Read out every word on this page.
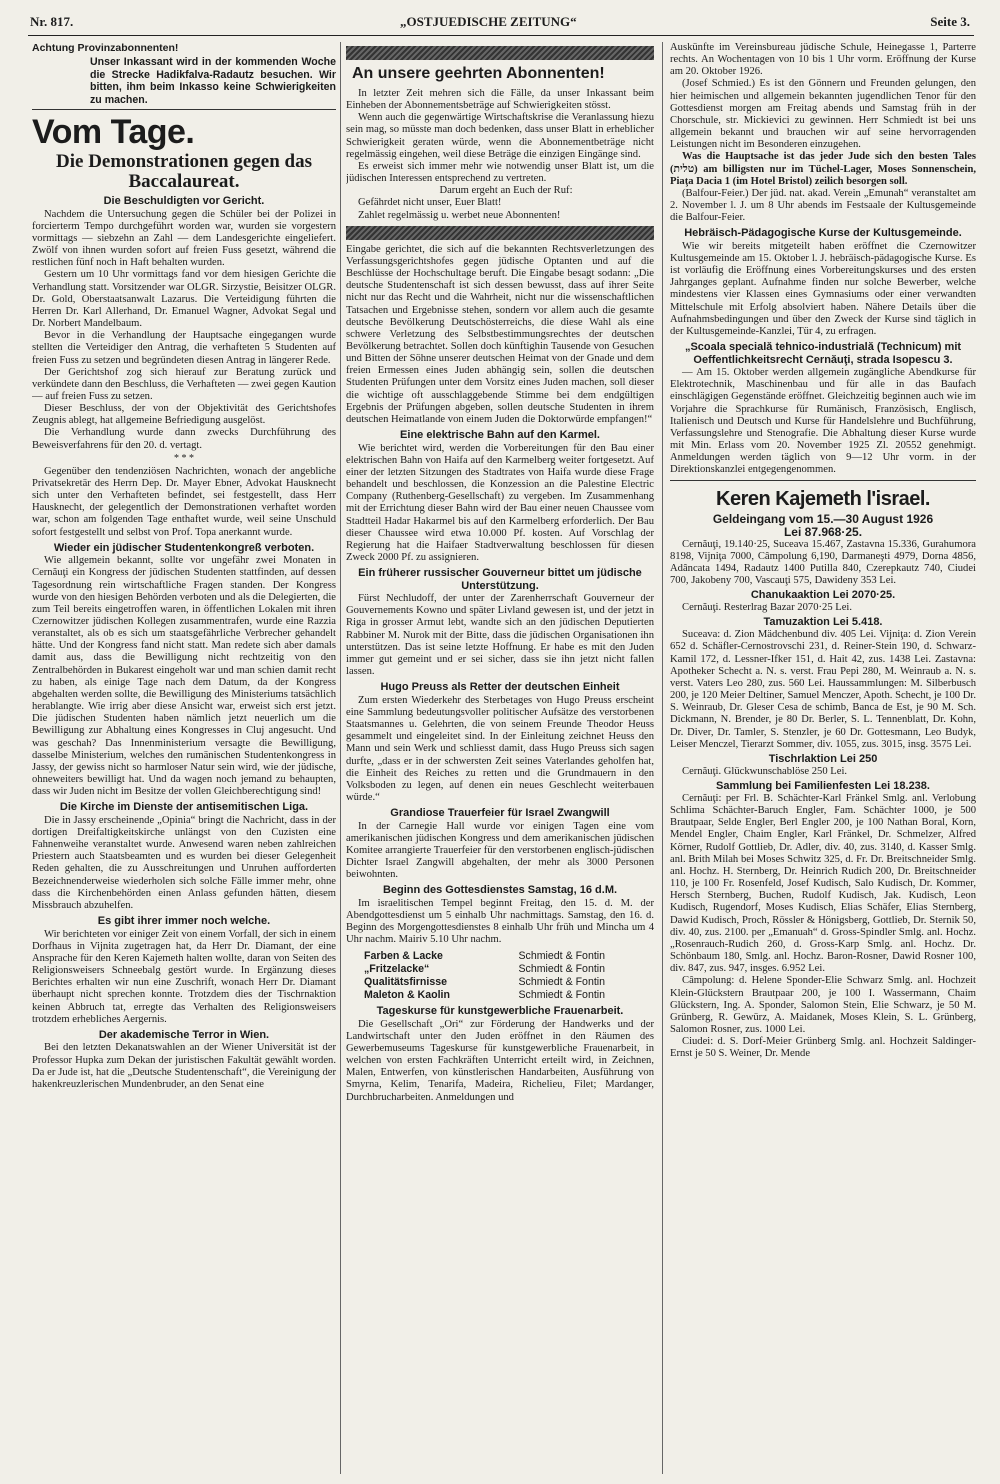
Nr. 817.	„OSTJUEDISCHE ZEITUNG“	Seite 3.
Achtung Provinzabonnenten!
Unser Inkassant wird in der kommenden Woche die Strecke Hadikfalva-Radautz besuchen. Wir bitten, ihm beim Inkasso keine Schwierigkeiten zu machen.
Vom Tage.
Die Demonstrationen gegen das Baccalaureat.
Die Beschuldigten vor Gericht.

Nachdem die Untersuchung gegen die Schüler bei der Polizei in forcierterm Tempo durchgeführt worden war, wurden sie vorgestern vormittags — siebzehn an Zahl — dem Landesgerichte eingeliefert. Zwölf von ihnen wurden sofort auf freien Fuss gesetzt, während die restlichen fünf noch in Haft behalten wurden.

Gestern um 10 Uhr vormittags fand vor dem hiesigen Gerichte die Verhandlung statt. Vorsitzender war OLGR. Sirzystie, Beisitzer OLGR. Dr. Gold, Oberstaatsanwalt Lazarus. Die Verteidigung führten die Herren Dr. Karl Allerhand, Dr. Emanuel Wagner, Advokat Segal und Dr. Norbert Mandelbaum.

Bevor in die Verhandlung der Hauptsache eingegangen wurde stellten die Verteidiger den Antrag, die verhafteten 5 Studenten auf freien Fuss zu setzen und begründeten diesen Antrag in längerer Rede.

Der Gerichtshof zog sich hierauf zur Beratung zurück und verkündete dann den Beschluss, die Verhafteten — zwei gegen Kaution — auf freien Fuss zu setzen.

Dieser Beschluss, der von der Objektivität des Gerichtshofes Zeugnis ablegt, hat allgemeine Befriedigung ausgelöst.

Die Verhandlung wurde dann zwecks Durchführung des Beweisverfahrens für den 20. d. vertagt.

* * *

Gegenüber den tendenziösen Nachrichten, wonach der angebliche Privatsekretär des Herrn Dep. Dr. Mayer Ebner, Advokat Hausknecht sich unter den Verhafteten befindet, sei festgestellt, dass Herr Hausknecht, der gelegentlich der Demonstrationen verhaftet worden war, schon am folgenden Tage enthaftet wurde, weil seine Unschuld sofort festgestellt und selbst von Prof. Topa anerkannt wurde.

Wieder ein jüdischer Studentenkongreß verboten.

Wie allgemein bekannt, sollte vor ungefähr zwei Monaten in Cernăuţi ein Kongress der jüdischen Studenten stattfinden, auf dessen Tagesordnung rein wirtschaftliche Fragen standen. Der Kongress wurde von den hiesigen Behörden verboten und als die Delegierten, die zum Teil bereits eingetroffen waren, in öffentlichen Lokalen mit ihren Czernowitzer jüdischen Kollegen zusammentrafen, wurde eine Razzia veranstaltet, als ob es sich um staatsgefährliche Verbrecher gehandelt hätte. Und der Kongress fand nicht statt. Man redete sich aber damals damit aus, dass die Bewilligung nicht rechtzeitig von den Zentralbehörden in Bukarest eingeholt war und man schien damit recht zu haben, als einige Tage nach dem Datum, da der Kongress abgehalten werden sollte, die Bewilligung des Ministeriums tatsächlich herablangte. Wie irrig aber diese Ansicht war, erweist sich erst jetzt. Die jüdischen Studenten haben nämlich jetzt neuerlich um die Bewilligung zur Abhaltung eines Kongresses in Cluj angesucht. Und was geschah? Das Innenministerium versagte die Bewilligung, dasselbe Ministerium, welches den rumänischen Studentenkongress in Jassy, der gewiss nicht so harmloser Natur sein wird, wie der jüdische, ohneweiters bewilligt hat. Und da wagen noch jemand zu behaupten, dass wir Juden nicht im Besitze der vollen Gleichberechtigung sind!

Die Kirche im Dienste der antisemitischen Liga.

Die in Jassy erscheinende „Opinia“ bringt die Nachricht, dass in der dortigen Dreifaltigkeitskirche unlängst von den Cuzisten eine Fahnenweihe veranstaltet wurde. Anwesend waren neben zahlreichen Priestern auch Staatsbeamten und es wurden bei dieser Gelegenheit Reden gehalten, die zu Ausschreitungen und Unruhen aufforderten Bezeichnenderweise wiederholen sich solche Fälle immer mehr, ohne dass die Kirchenbehörden einen Anlass gefunden hätten, diesem Missbrauch abzuhelfen.

Es gibt ihrer immer noch welche.

Wir berichteten vor einiger Zeit von einem Vorfall, der sich in einem Dorfhaus in Vijnita zugetragen hat, da Herr Dr. Diamant, der eine Ansprache für den Keren Kajemeth halten wollte, daran von Seiten des Religionsweisers Schneebalg gestört wurde. In Ergänzung dieses Berichtes erhalten wir nun eine Zuschrift, wonach Herr Dr. Diamant überhaupt nicht sprechen konnte. Trotzdem dies der Tischrnaktion keinen Abbruch tat, erregte das Verhalten des Religionsweisers trotzdem erhebliches Aergernis.

Der akademische Terror in Wien.

Bei den letzten Dekanatswahlen an der Wiener Universität ist der Professor Hupka zum Dekan der juristischen Fakultät gewählt worden. Da er Jude ist, hat die „Deutsche Studentenschaft“, die Vereinigung der hakenkreuzlerischen Mundenbruder, an den Senat eine

An unsere geehrten Abonnenten!

In letzter Zeit mehren sich die Fälle, da unser Inkassant beim Einheben der Abonnementsbeträge auf Schwierigkeiten stösst.

Wenn auch die gegenwärtige Wirtschaftskrise die Veranlassung hiezu sein mag, so müsste man doch bedenken, dass unser Blatt in erheblicher Schwierigkeit geraten würde, wenn die Abonnementbeträge nicht regelmässig eingehen, weil diese Beträge die einzigen Eingänge sind.

Es erweist sich immer mehr wie notwendig unser Blatt ist, um die jüdischen Interessen entsprechend zu vertreten.

Darum ergeht an Euch der Ruf:

Gefährdet nicht unser, Euer Blatt!

Zahlet regelmässig u. werbet neue Abonnenten!

Eingabe gerichtet, die sich auf die bekannten Rechtsverletzungen des Verfassungsgerichtshofes gegen jüdische Optanten und auf die Beschlüsse der Hochschultage beruft. Die Eingabe besagt sodann: „Die deutsche Studentenschaft ist sich dessen bewusst, dass auf ihrer Seite nicht nur das Recht und die Wahrheit, nicht nur die wissenschaftlichen Tatsachen und Ergebnisse stehen, sondern vor allem auch die gesamte deutsche Bevölkerung Deutschösterreichs, die diese Wahl als eine schwere Verletzung des Selbstbestimmungsrechtes der deutschen Bevölkerung betrachtet. Sollen doch künftighin Tausende von Gesuchen und Bitten der Söhne unserer deutschen Heimat von der Gnade und dem freien Ermessen eines Juden abhängig sein, sollen die deutschen Studenten Prüfungen unter dem Vorsitz eines Juden machen, soll dieser die wichtige oft ausschlaggebende Stimme bei dem endgültigen Ergebnis der Prüfungen abgeben, sollen deutsche Studenten in ihrem deutschen Heimatlande von einem Juden die Doktorwürde empfangen!“

Eine elektrische Bahn auf den Karmel.

Wie berichtet wird, werden die Vorbereitungen für den Bau einer elektrischen Bahn von Haifa auf den Karmelberg weiter fortgesetzt. Auf einer der letzten Sitzungen des Stadtrates von Haifa wurde diese Frage behandelt und beschlossen, die Konzession an die Palestine Electric Company (Ruthenberg-Gesellschaft) zu vergeben. Im Zusammenhang mit der Errichtung dieser Bahn wird der Bau einer neuen Chaussee vom Stadtteil Hadar Hakarmel bis auf den Karmelberg erforderlich. Der Bau dieser Chaussee wird etwa 10.000 Pf. kosten. Auf Vorschlag der Regierung hat die Haifaer Stadtverwaltung beschlossen für diesen Zweck 2000 Pf. zu assignieren.

Ein früherer russischer Gouverneur bittet um jüdische Unterstützung.

Fürst Nechludoff, der unter der Zarenherrschaft Gouverneur der Gouvernements Kowno und später Livland gewesen ist, und der jetzt in Riga in grosser Armut lebt, wandte sich an den jüdischen Deputierten Rabbiner M. Nurok mit der Bitte, dass die jüdischen Organisationen ihn unterstützen. Das ist seine letzte Hoffnung. Er habe es mit den Juden immer gut gemeint und er sei sicher, dass sie ihn jetzt nicht fallen lassen.

Hugo Preuss als Retter der deutschen Einheit

Zum ersten Wiederkehr des Sterbetages von Hugo Preuss erscheint eine Sammlung bedeutungsvoller politischer Aufsätze des verstorbenen Staatsmannes u. Gelehrten, die von seinem Freunde Theodor Heuss gesammelt und eingeleitet sind. In der Einleitung zeichnet Heuss den Mann und sein Werk und schliesst damit, dass Hugo Preuss sich sagen durfte, „dass er in der schwersten Zeit seines Vaterlandes geholfen hat, die Einheit des Reiches zu retten und die Grundmauern in den Volksboden zu legen, auf denen ein neues Geschlecht weiterbauen würde.“

Grandiose Trauerfeier für Israel Zwangwill

In der Carnegie Hall wurde vor einigen Tagen eine vom amerikanischen jüdischen Kongress und dem amerikanischen jüdischen Komitee arrangierte Trauerfeier für den verstorbenen englisch-jüdischen Dichter Israel Zangwill abgehalten, der mehr als 3000 Personen beiwohnten.

Beginn des Gottesdienstes Samstag, 16 d.M.

Im israelitischen Tempel beginnt Freitag, den 15. d. M. der Abendgottesdienst um 5 einhalb Uhr nachmittags. Samstag, den 16. d. Beginn des Morgengottesdienstes 8 einhalb Uhr früh und Mincha um 4 Uhr nachm. Mairiv 5.10 Uhr nachm.

Farben & Lacke	Schmiedt & Fontin
„Fritzelacke“	Schmiedt & Fontin
Qualitätsfirnisse	Schmiedt & Fontin
Maleton & Kaolin	Schmiedt & Fontin
Tageskurse für kunstgewerbliche Frauenarbeit.

Die Gesellschaft „Ori“ zur Förderung der Handwerks und der Landwirtschaft unter den Juden eröffnet in den Räumen des Gewerbemuseums Tageskurse für kunstgewerbliche Frauenarbeit, in welchen von ersten Fachkräften Unterricht erteilt wird, in Zeichnen, Malen, Entwerfen, von künstlerischen Handarbeiten, Ausführung von Smyrna, Kelim, Tenarifa, Madeira, Richelieu, Filet; Mardanger, Durchbrucharbeiten. Anmeldungen und

Auskünfte im Vereinsbureau jüdische Schule, Heinegasse 1, Parterre rechts. An Wochentagen von 10 bis 1 Uhr vorm. Eröffnung der Kurse am 20. Oktober 1926.

(Josef Schmied.) Es ist den Gönnern und Freunden gelungen, den hier heimischen und allgemein bekannten jugendlichen Tenor für den Gottesdienst morgen am Freitag abends und Samstag früh in der Chorschule, str. Mickievici zu gewinnen. Herr Schmiedt ist bei uns allgemein bekannt und brauchen wir auf seine hervorragenden Leistungen nicht im Besonderen einzugehen.

Was die Hauptsache ist das jeder Jude sich den besten Tales (טלית) am billigsten nur im Tüchel-Lager, Moses Sonnenschein, Piaţa Dacia 1 (im Hotel Bristol) zeilich besorgen soll.

(Balfour-Feier.) Der jüd. nat. akad. Verein „Emunah“ veranstaltet am 2. November l. J. um 8 Uhr abends im Festsaale der Kultusgemeinde die Balfour-Feier.

Hebräisch-Pädagogische Kurse der Kultusgemeinde.

Wie wir bereits mitgeteilt haben eröffnet die Czernowitzer Kultusgemeinde am 15. Oktober l. J. hebräisch-pädagogische Kurse. Es ist vorläufig die Eröffnung eines Vorbereitungskurses und des ersten Jahrganges geplant. Aufnahme finden nur solche Bewerber, welche mindestens vier Klassen eines Gymnasiums oder einer verwandten Mittelschule mit Erfolg absolviert haben. Nähere Details über die Aufnahmsbedingungen und über den Zweck der Kurse sind täglich in der Kultusgemeinde-Kanzlei, Tür 4, zu erfragen.

„Scoala specială tehnico-industrială (Technicum) mit Oeffentlichkeitsrecht Cernăuţi, strada Isopescu 3.

— Am 15. Oktober werden allgemein zugängliche Abendkurse für Elektrotechnik, Maschinenbau und für alle in das Baufach einschlägigen Gegenstände eröffnet. Gleichzeitig beginnen auch wie im Vorjahre die Sprachkurse für Rumänisch, Französisch, Englisch, Italienisch und Deutsch und Kurse für Handelslehre und Buchführung, Verfassungslehre und Stenografie. Die Abhaltung dieser Kurse wurde mit Min. Erlass vom 20. November 1925 Zl. 20552 genehmigt. Anmeldungen werden täglich von 9—12 Uhr vorm. in der Direktionskanzlei entgegengenommen.

Keren Kajemeth l'israel.
Geldeingang vom 15.—30 August 1926
Lei 87.968·25.

Cernăuţi, 19.140·25, Suceava 15.467, Zastavna 15.336, Gurahumora 8198, Vijniţa 7000, Câmpolung 6,190, Darmaneşti 4979, Dorna 4856, Adâncata 1494, Radautz 1400 Putilla 840, Czerepkautz 740, Ciudei 700, Jakobeny 700, Vascauţi 575, Dawideny 353 Lei.

Chanukaaktion Lei 2070·25.

Cernăuţi. Resterlrag Bazar 2070·25 Lei.

Tamuzaktion Lei 5.418.

Suceava: d. Zion Mädchenbund div. 405 Lei. Vijniţa: d. Zion Verein 652 d. Schäfler-Cernostrovschi 231, d. Reiner-Stein 190, d. Schwarz-Kamil 172, d. Lessner-Ifker 151, d. Hait 42, zus. 1438 Lei. Zastavna: Apotheker Schecht a. N. s. verst. Frau Pepi 280, M. Weinraub a. N. s. verst. Vaters Leo 280, zus. 560 Lei. Haussammlungen: M. Silberbusch 200, je 120 Meier Deltiner, Samuel Menczer, Apoth. Schecht, je 100 Dr. S. Weinraub, Dr. Gleser Cesa de schimb, Banca de Est, je 90 M. Sch. Dickmann, N. Brender, je 80 Dr. Berler, S. L. Tennenblatt, Dr. Kohn, Dr. Diver, Dr. Tamler, S. Stenzler, je 60 Dr. Gottesmann, Leo Budyk, Leiser Menczel, Tierarzt Sommer, div. 1055, zus. 3015, insg. 3575 Lei.

Tischrlaktion Lei 250

Cernăuţi. Glückwunschablöse 250 Lei.

Sammlung bei Familienfesten Lei 18.238.

Cernăuţi: per Frl. B. Schächter-Karl Fränkel Smlg. anl. Verlobung Schlima Schächter-Baruch Engler, Fam. Schächter 1000, je 500 Brautpaar, Selde Engler, Berl Engler 200, je 100 Nathan Boral, Korn, Mendel Engler, Chaim Engler, Karl Fränkel, Dr. Schmelzer, Alfred Körner, Rudolf Gottlieb, Dr. Adler, div. 40, zus. 3140, d. Kasser Smlg. anl. Brith Milah bei Moses Schwitz 325, d. Fr. Dr. Breitschneider Smlg. anl. Hochz. H. Sternberg, Dr. Heinrich Rudich 200, Dr. Breitschneider 110, je 100 Fr. Rosenfeld, Josef Kudisch, Salo Kudisch, Dr. Kommer, Hersch Sternberg, Buchen, Rudolf Kudisch, Jak. Kudisch, Leon Kudisch, Rugendorf, Moses Kudisch, Elias Schäfer, Elias Sternberg, Dawid Kudisch, Proch, Rössler & Hönigsberg, Gottlieb, Dr. Sternik 50, div. 40, zus. 2100. per „Emanuah“ d. Gross-Spindler Smlg. anl. Hochz. „Rosenrauch-Rudich 260, d. Gross-Karp Smlg. anl. Hochz. Dr. Schönbaum 180, Smlg. anl. Hochz. Baron-Rosner, Dawid Rosner 100, div. 847, zus. 947, insges. 6.952 Lei.

Câmpolung: d. Helene Sponder-Elie Schwarz Smlg. anl. Hochzeit Klein-Glückstern Brautpaar 200, je 100 I. Wassermann, Chaim Glückstern, Ing. A. Sponder, Salomon Stein, Elie Schwarz, je 50 M. Grünberg, R. Gewürz, A. Maidanek, Moses Klein, S. L. Grünberg, Salomon Rosner, zus. 1000 Lei.

Ciudei: d. S. Dorf-Meier Grünberg Smlg. anl. Hochzeit Saldinger-Ernst je 50 S. Weiner, Dr. Mende
